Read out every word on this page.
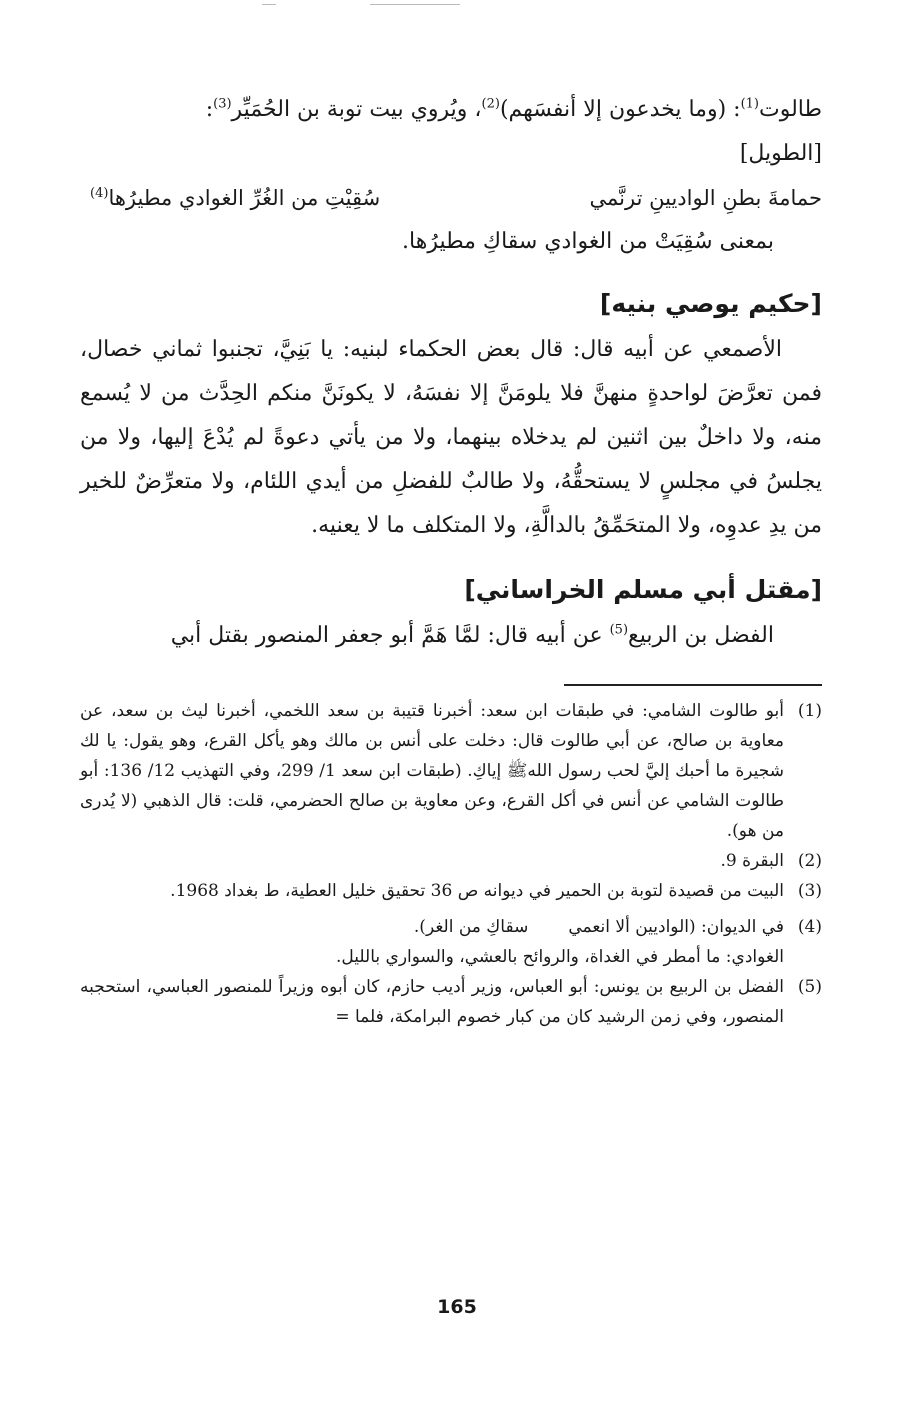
طالوت$^{(1)}$: (وما يخدعون إلا أنفسَهم)$^{(2)}$، ويُروي بيت توبة بن الحُمَيِّر$^{(3)}$:
[الطويل]
حمامةَ بطنِ الواديينِ ترنَّمي
سُقِيْتِ من الغُرِّ الغوادي مطيرُها$^{(4)}$
بمعنى سُقِيَتْ من الغوادي سقاكِ مطيرُها.
[حكيم يوصي بنيه]

الأصمعي عن أبيه قال: قال بعض الحكماء لبنيه: يا بَنِيَّ، تجنبوا ثماني خصال، فمن تعرَّضَ لواحدةٍ منهنَّ فلا يلومَنَّ إلا نفسَهُ، لا يكونَنَّ منكم الحِدَّث من لا يُسمع منه، ولا داخلٌ بين اثنين لم يدخلاه بينهما، ولا من يأتي دعوةً لم يُدْعَ إليها، ولا من يجلسُ في مجلسٍ لا يستحقُّهُ، ولا طالبٌ للفضلِ من أيدي اللئام، ولا متعرِّضٌ للخير من يدِ عدوِه، ولا المتحَمِّقُ بالدالَّةِ، ولا المتكلف ما لا يعنيه.

[مقتل أبي مسلم الخراساني]
الفضل بن الربيع$^{(5)}$ عن أبيه قال: لمَّا هَمَّ أبو جعفر المنصور بقتل أبي
(1)
أبو طالوت الشامي: في طبقات ابن سعد: أخبرنا قتيبة بن سعد اللخمي، أخبرنا ليث بن سعد، عن معاوية بن صالح، عن أبي طالوت قال: دخلت على أنس بن مالك وهو يأكل القرع، وهو يقول: يا لك شجيرة ما أحبك إليَّ لحب رسول اللهﷺ إياكِ. (طبقات ابن سعد 1/ 299، وفي التهذيب 12/ 136: أبو طالوت الشامي عن أنس في أكل القرع، وعن معاوية بن صالح الحضرمي، قلت: قال الذهبي (لا يُدرى من هو).
(2)
البقرة 9.
(3)
البيت من قصيدة لتوبة بن الحمير في ديوانه ص 36 تحقيق خليل العطية، ط بغداد 1968.
(4)
في الديوان: (الواديين ألا انعمي
سقاكِ من الغر).
الغوادي: ما أمطر في الغداة، والروائح بالعشي، والسواري بالليل.
(5)
الفضل بن الربيع بن يونس: أبو العباس، وزير أديب حازم، كان أبوه وزيراً للمنصور العباسي، استحجبه المنصور، وفي زمن الرشيد كان من كبار خصوم البرامكة، فلما =
165
